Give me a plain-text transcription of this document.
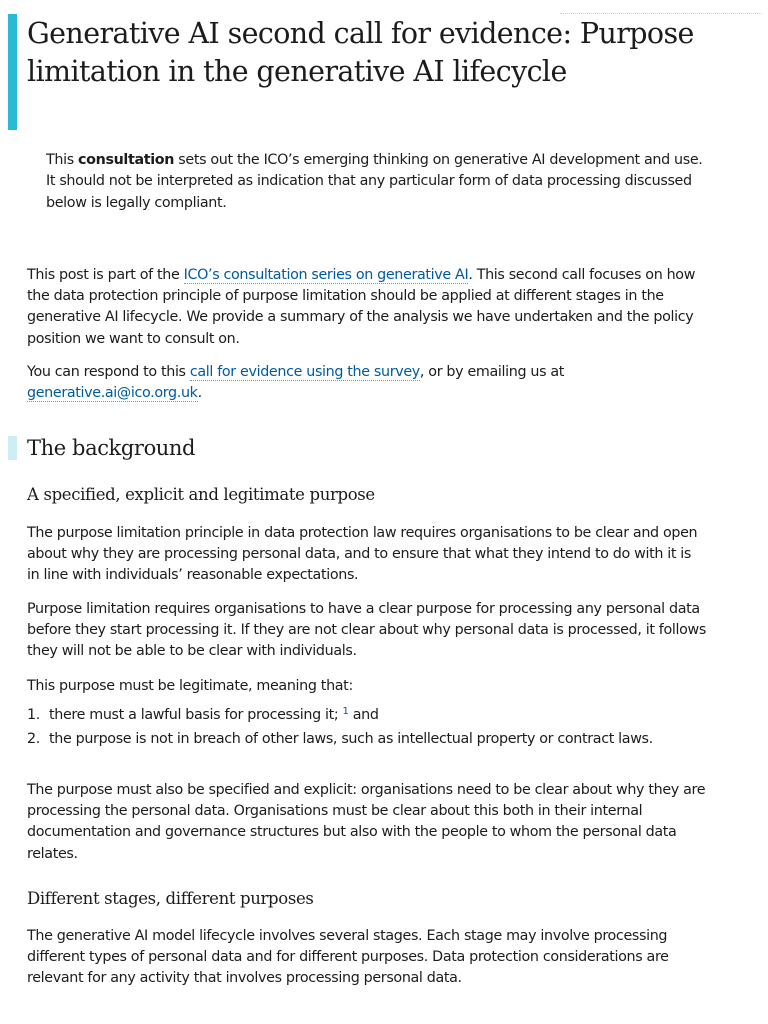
Generative AI second call for evidence: Purpose limitation in the generative AI lifecycle
This consultation sets out the ICO’s emerging thinking on generative AI development and use. It should not be interpreted as indication that any particular form of data processing discussed below is legally compliant.

This post is part of the ICO’s consultation series on generative AI. This second call focuses on how the data protection principle of purpose limitation should be applied at different stages in the generative AI lifecycle. We provide a summary of the analysis we have undertaken and the policy position we want to consult on.

You can respond to this call for evidence using the survey, or by emailing us at generative.ai@ico.org.uk.

The background
A specified, explicit and legitimate purpose

The purpose limitation principle in data protection law requires organisations to be clear and open about why they are processing personal data, and to ensure that what they intend to do with it is in line with individuals’ reasonable expectations.

Purpose limitation requires organisations to have a clear purpose for processing any personal data before they start processing it. If they are not clear about why personal data is processed, it follows they will not be able to be clear with individuals.

This purpose must be legitimate, meaning that:

1. there must a lawful basis for processing it; $^1$ and
2. the purpose is not in breach of other laws, such as intellectual property or contract laws.

The purpose must also be specified and explicit: organisations need to be clear about why they are processing the personal data. Organisations must be clear about this both in their internal documentation and governance structures but also with the people to whom the personal data relates.

Different stages, different purposes

The generative AI model lifecycle involves several stages. Each stage may involve processing different types of personal data and for different purposes. Data protection considerations are relevant for any activity that involves processing personal data.
